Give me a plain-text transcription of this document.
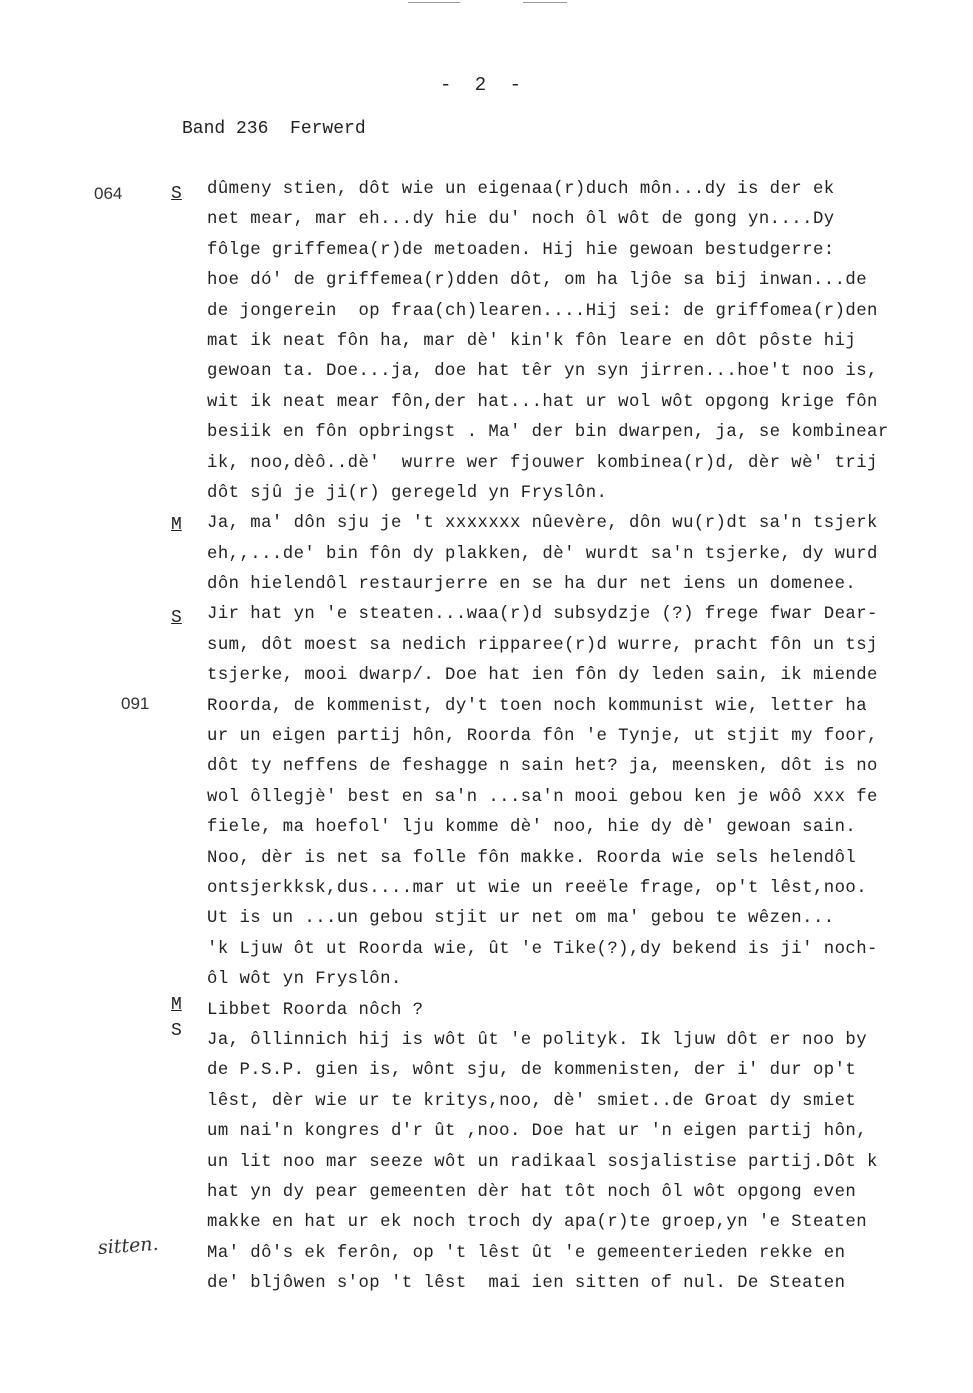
- 2 -
Band 236  Ferwerd
064
091
S
M
S
M
S
sitten.
dûmeny stien, dôt wie un eigenaa(r)duch môn...dy is der ek
net mear, mar eh...dy hie du' noch ôl wôt de gong yn....Dy
fôlge griffemea(r)de metoaden. Hij hie gewoan bestudgerre:
hoe dó' de griffemea(r)dden dôt, om ha ljôe sa bij inwan...de
de jongerein  op fraa(ch)learen....Hij sei: de griffomea(r)den
mat ik neat fôn ha, mar dè' kin'k fôn leare en dôt pôste hij
gewoan ta. Doe...ja, doe hat têr yn syn jirren...hoe't noo is,
wit ik neat mear fôn,der hat...hat ur wol wôt opgong krige fôn
besiik en fôn opbringst . Ma' der bin dwarpen, ja, se kombinear
ik, noo,dèô..dè'  wurre wer fjouwer kombinea(r)d, dèr wè' trij
dôt sjû je ji(r) geregeld yn Fryslôn.
Ja, ma' dôn sju je 't xxxxxxx nûevère, dôn wu(r)dt sa'n tsjerk
eh,,...de' bin fôn dy plakken, dè' wurdt sa'n tsjerke, dy wurd
dôn hielendôl restaurjerre en se ha dur net iens un domenee.
Jir hat yn 'e steaten...waa(r)d subsydzje (?) frege fwar Dear-
sum, dôt moest sa nedich ripparee(r)d wurre, pracht fôn un tsj
tsjerke, mooi dwarp/. Doe hat ien fôn dy leden sain, ik miende
Roorda, de kommenist, dy't toen noch kommunist wie, letter ha
ur un eigen partij hôn, Roorda fôn 'e Tynje, ut stjit my foor,
dôt ty neffens de feshagge n sain het? ja, meensken, dôt is no
wol ôllegjè' best en sa'n ...sa'n mooi gebou ken je wôô xxx fe
fiele, ma hoefol' lju komme dè' noo, hie dy dè' gewoan sain.
Noo, dèr is net sa folle fôn makke. Roorda wie sels helendôl
ontsjerkksk,dus....mar ut wie un reeële frage, op't lêst,noo.
Ut is un ...un gebou stjit ur net om ma' gebou te wêzen...
'k Ljuw ôt ut Roorda wie, ût 'e Tike(?),dy bekend is ji' noch-
ôl wôt yn Fryslôn.
Libbet Roorda nôch ?
Ja, ôllinnich hij is wôt ût 'e polityk. Ik ljuw dôt er noo by
de P.S.P. gien is, wônt sju, de kommenisten, der i' dur op't
lêst, dèr wie ur te kritys,noo, dè' smiet..de Groat dy smiet
um nai'n kongres d'r ût ,noo. Doe hat ur 'n eigen partij hôn,
un lit noo mar seeze wôt un radikaal sosjalistise partij.Dôt k
hat yn dy pear gemeenten dèr hat tôt noch ôl wôt opgong even
makke en hat ur ek noch troch dy apa(r)te groep,yn 'e Steaten
Ma' dô's ek ferôn, op 't lêst ût 'e gemeenterieden rekke en
de' bljôwen s'op 't lêst  mai ien sitten of nul. De Steaten
